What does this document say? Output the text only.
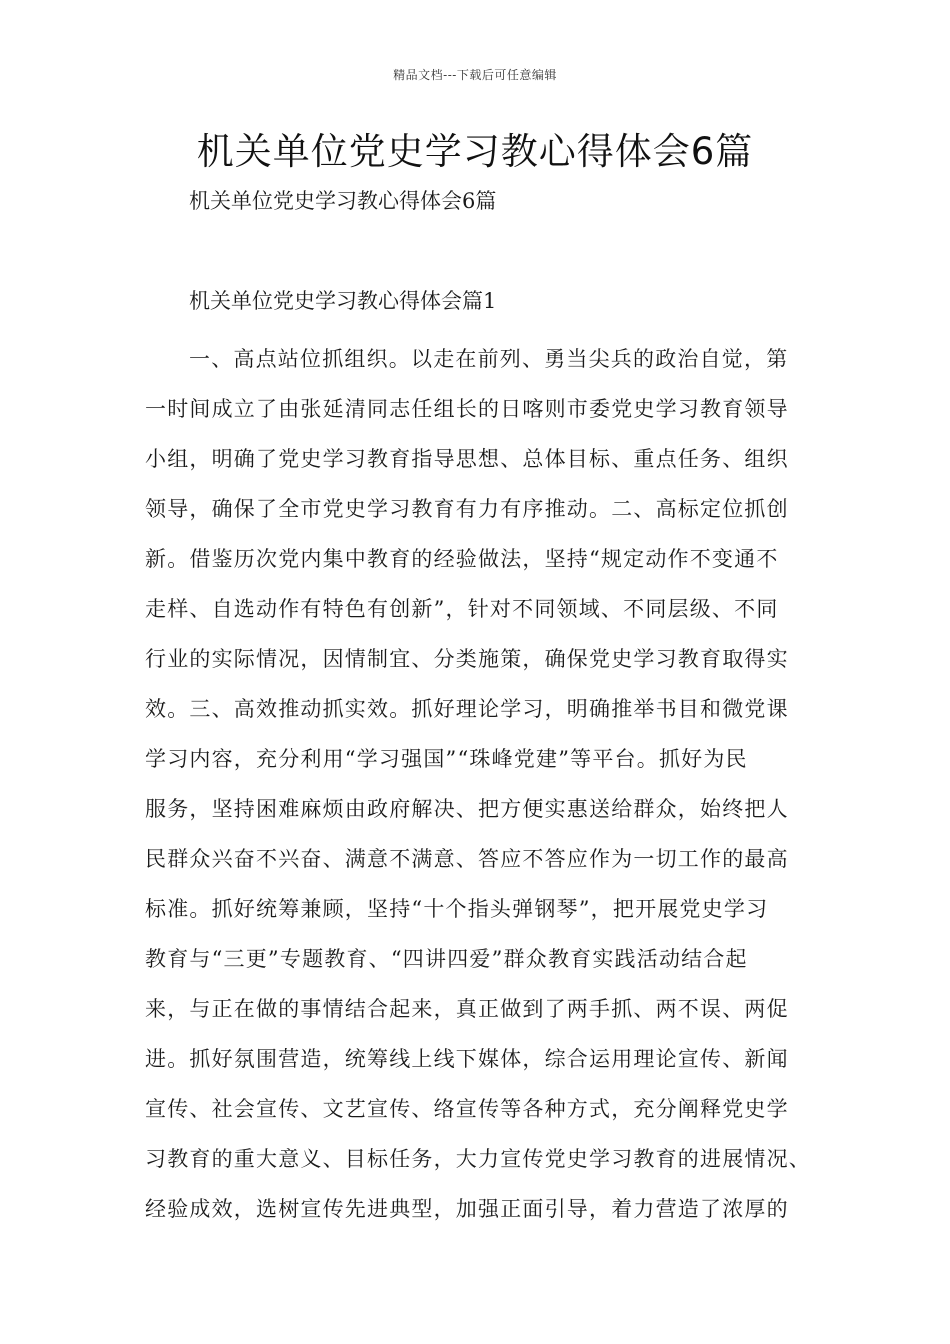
精品文档---下载后可任意编辑
机关单位党史学习教心得体会6篇
机关单位党史学习教心得体会6篇
机关单位党史学习教心得体会篇1
一、高点站位抓组织。以走在前列、勇当尖兵的政治自觉，第
一时间成立了由张延清同志任组长的日喀则市委党史学习教育领导
小组，明确了党史学习教育指导思想、总体目标、重点任务、组织
领导，确保了全市党史学习教育有力有序推动。二、高标定位抓创
新。借鉴历次党内集中教育的经验做法，坚持“规定动作不变通不
走样、自选动作有特色有创新”，针对不同领域、不同层级、不同
行业的实际情况，因情制宜、分类施策，确保党史学习教育取得实
效。三、高效推动抓实效。抓好理论学习，明确推举书目和微党课
学习内容，充分利用“学习强国”“珠峰党建”等平台。抓好为民
服务，坚持困难麻烦由政府解决、把方便实惠送给群众，始终把人
民群众兴奋不兴奋、满意不满意、答应不答应作为一切工作的最高
标准。抓好统筹兼顾，坚持“十个指头弹钢琴”，把开展党史学习
教育与“三更”专题教育、“四讲四爱”群众教育实践活动结合起
来，与正在做的事情结合起来，真正做到了两手抓、两不误、两促
进。抓好氛围营造，统筹线上线下媒体，综合运用理论宣传、新闻
宣传、社会宣传、文艺宣传、络宣传等各种方式，充分阐释党史学
习教育的重大意义、目标任务，大力宣传党史学习教育的进展情况、
经验成效，选树宣传先进典型，加强正面引导，着力营造了浓厚的
